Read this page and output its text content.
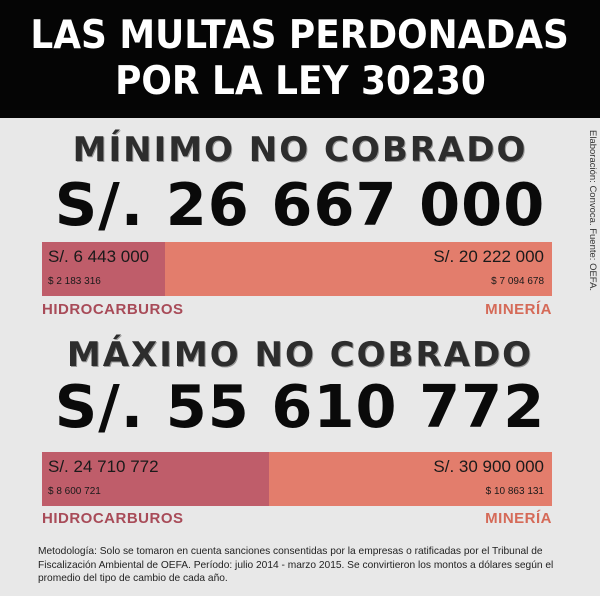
LAS MULTAS PERDONADAS
POR LA LEY 30230
Elaboración: Convoca. Fuente: OEFA.
MÍNIMO NO COBRADO
S/. 26 667 000
S/. 6 443 000
$ 2 183 316
S/. 20 222 000
$ 7 094 678
HIDROCARBUROS	MINERÍA
MÁXIMO NO COBRADO
S/. 55 610 772
S/. 24 710 772
$ 8 600 721
S/. 30 900 000
$ 10 863 131
HIDROCARBUROS	MINERÍA
Metodología: Solo se tomaron en cuenta sanciones consentidas por la empresas o ratificadas por el Tribunal de Fiscalización Ambiental de OEFA. Período: julio 2014 - marzo 2015. Se convirtieron los montos a dólares según el promedio del tipo de cambio de cada año.
